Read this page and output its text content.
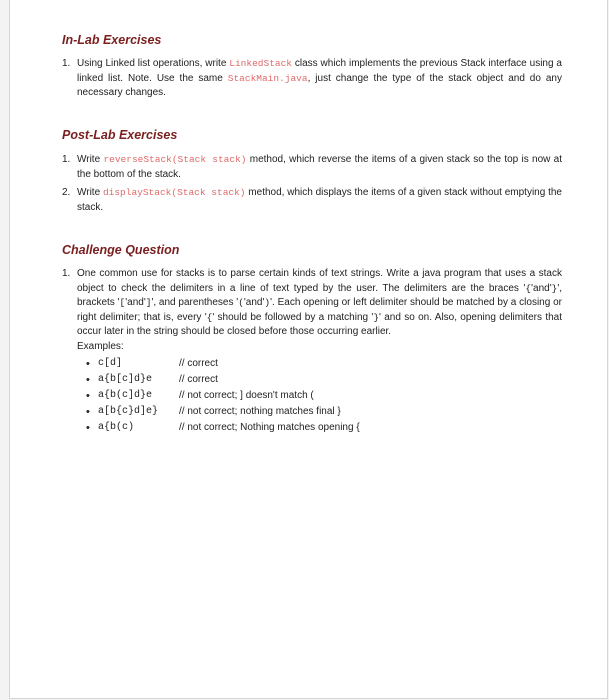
In-Lab Exercises
1. Using Linked list operations, write LinkedStack class which implements the previous Stack interface using a linked list. Note. Use the same StackMain.java, just change the type of the stack object and do any necessary changes.
Post-Lab Exercises
1. Write reverseStack(Stack stack) method, which reverse the items of a given stack so the top is now at the bottom of the stack.
2. Write displayStack(Stack stack) method, which displays the items of a given stack without emptying the stack.
Challenge Question
1. One common use for stacks is to parse certain kinds of text strings. Write a java program that uses a stack object to check the delimiters in a line of text typed by the user. The delimiters are the braces '{'and'}', brackets '['and']', and parentheses '('and')'. Each opening or left delimiter should be matched by a closing or right delimiter; that is, every '{' should be followed by a matching '}' and so on. Also, opening delimiters that occur later in the string should be closed before those occurring earlier.
Examples:
• c[d]	// correct
• a{b[c]d}e	// correct
• a{b(c]d}e	// not correct; ] doesn't match (
• a[b{c}d]e} // not correct; nothing matches final }
• a{b(c)	// not correct; Nothing matches opening {
